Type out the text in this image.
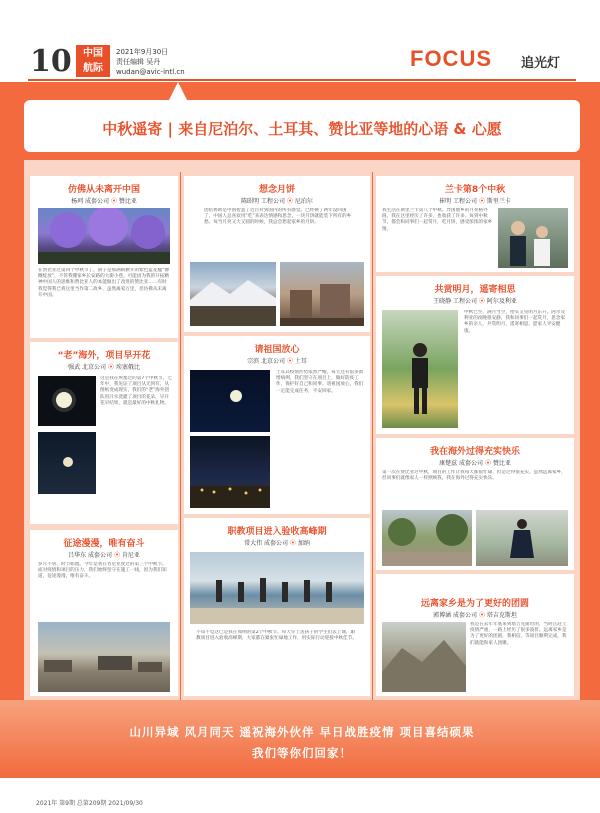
10	中国
航际
2021年9月30日
责任编辑 吴丹
wudan@avic-intl.cn
FOCUS 追光灯
中秋遥寄 | 来自尼泊尔、土耳其、赞比亚等地的心语 & 心愿
仿佛从未离开中国
杨珂 成套公司 ⦿ 赞比亚
在赞比亚过第四个中秋节了，厨子是那满街掀开的紫色蓝花楹“慷慨绽放”，不管我懂家乡长安路的大街小巷。可能因为我的开拓精神中国人的思维和赞比亚人的本能做出了改进的赞比亚……有时我觉得我已将这里当作第二故乡，虽然离家万里，但仿佛从未离开中国。
“老”海外，项目早开花
强武 北京公司 ⦿ 埃塞俄比
这是我在埃塞过的第7个中秋节。七年中，我见证了项目从无到有，从图纸变成现实，我们的“老”海外团队用汗水浇灌了项目的花朵，早开花早结果，就是最好的中秋礼物。
征途漫漫，唯有奋斗
吕华东 成套公司 ⦿ 肯尼亚
岁月不居，时节如流。今年是我在肯尼亚度过的第三个中秋节。面对疫情和项目的压力，我们始终坚守在施工一线，因为我们知道，征途漫漫，唯有奋斗。
想念月饼
陈昭明 工程公司 ⦿ 尼泊尔
团结协助是中国智慧了近百对到国内的所有感觉。已经换了两年没回国了，中国人总喜欢用“吃”来表达情感和思念，一块月饼就能装下所有的乡愁。每当月亮又大又圆的时候，我总会想起家乡的月饼。
请祖国放心
宗滨 北京公司 ⦿ 土耳
土耳其疫情形势依然严峻，每天还有很多新增病例，我们坚守在项目上，做好防疫工作，保护好自己和同事。请祖国放心，我们一定能完成任务，平安回家。
职教项目进入验收高峰期
常大伟 成套公司 ⦿ 加纳
不知不觉这已是我在加纳的第2个中秋节。每天早上送孩子的学生们去上课，职教项目进入验收高峰期，大家都在紧张忙碌地工作，用实际行动迎接中秋佳节。
兰卡第8个中秋
崔明 工程公司 ⦿ 斯里兰卡
我生活在斯里兰卡第八个中秋。异国他乡的月亮格外圆，我在这里经历了许多，也收获了许多。每到中秋节，都会和同事们一起赏月，吃月饼，感受浓浓的家乡情。
共赏明月，遥寄相思
王晓静 工程公司 ⦿ 阿尔及利亚
中秋已至，满月当空，抬头又见明月东升。阿尔及利亚的夜晚很安静，我和同事们一起赏月，思念家乡的亲人，共赏明月，遥寄相思，愿家人平安健康。
我在海外过得充实快乐
康楚兹 成套公司 ⦿ 赞比亚
第一次在赞比亚过中秋，项目的工作让我每天都很忙碌，但是过得很充实。虽然远离家乡，但同事们就像家人一样照顾我，我在海外过得充实快乐。
远离家乡是为了更好的团圆
郭博涵 成套公司 ⦿ 塔吉克斯坦
我是在去年年底来到塔吉克斯坦的，当时正赶上疫情严重，一路上经历了很多波折。远离家乡是为了更好的团圆，我相信，等项目顺利完成，我们就能和家人团聚。
山川异域 风月同天 遥祝海外伙伴 早日战胜疫情 项目喜结硕果
我们等你们回家！
2021年 第9期 总第209期 2021/09/30
